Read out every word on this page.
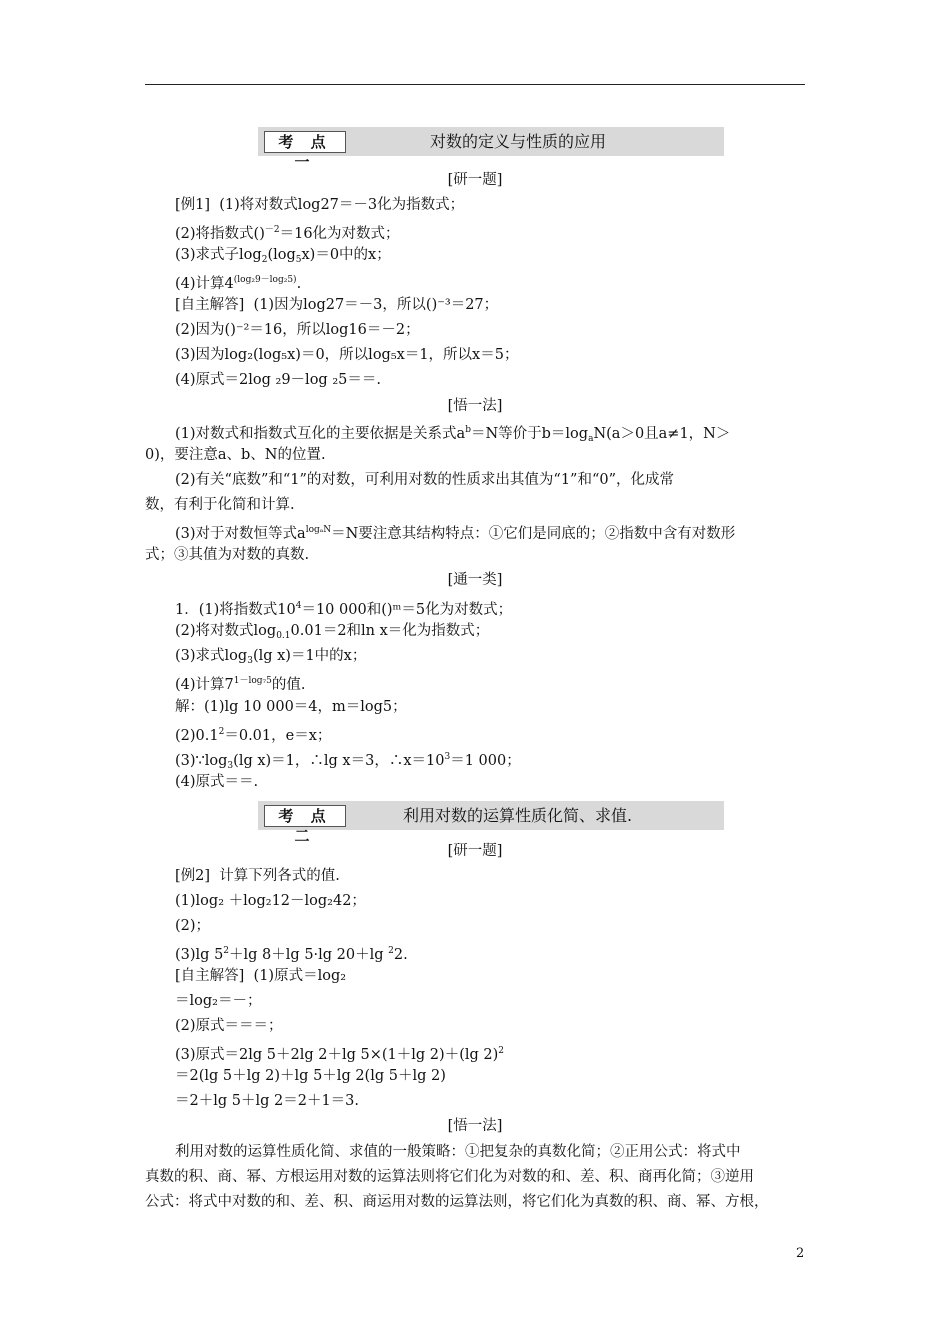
考 点 一
对数的定义与性质的应用
[研一题]
[例1] (1)将对数式log27＝－3化为指数式；
(2)将指数式()$^{-2}$＝16化为对数式；
(3)求式子$\log_2(\log_5x)=0$中的x；
(4)计算$4^{(log_29-log_25)}$.
[自主解答] (1)因为log27＝－3，所以()⁻³＝27；
(2)因为()⁻²＝16，所以log16＝－2；
(3)因为log₂(log₅x)＝0，所以log₅x＝1，所以x＝5；
(4)原式＝2log ₂9－log ₂5＝＝.
[悟一法]
(1)对数式和指数式互化的主要依据是关系式$a^b=N$等价于$b=\log_aN(a>0$且a≠1，N＞
0)，要注意a、b、N的位置.
(2)有关“底数”和“1”的对数，可利用对数的性质求出其值为“1”和“0”，化成常
数，有利于化简和计算.
(3)对于对数恒等式$a^{log_aN}=N$要注意其结构特点：①它们是同底的；②指数中含有对数形
式；③其值为对数的真数.
[通一类]
1．(1)将指数式$10^4=10$ 000和()ᵐ＝5化为对数式；
(2)将对数式$\log_{0.1}0.01=2$和ln x＝化为指数式；
(3)求式$\log_3(\lg$ x)＝1中的x；
(4)计算$7^{1-log_75}$的值.
解：(1)lg 10 000＝4，m＝log5；
$(2)0.1^2=0.01$，e＝x；
$(3)\because\log_3(\lg$ x)＝1，∴lg x＝3，$\therefore x=10^3=1$ 000；
(4)原式＝＝.
考 点 二
利用对数的运算性质化简、求值.
[研一题]
[例2] 计算下列各式的值.
(1)log₂ ＋log₂12－log₂42；
(2)；
(3)lg $5^2+\lg$ 8＋lg 5·lg 20＋lg $^2$2.
[自主解答] (1)原式＝log₂
＝log₂＝－；
(2)原式＝＝＝；
(3)原式＝2lg 5＋2lg 2＋lg 5×(1＋lg 2)＋(lg 2)$^2$
＝2(lg 5＋lg 2)＋lg 5＋lg 2(lg 5＋lg 2)
＝2＋lg 5＋lg 2＝2＋1＝3.
[悟一法]
利用对数的运算性质化简、求值的一般策略：①把复杂的真数化简；②正用公式：将式中
真数的积、商、幂、方根运用对数的运算法则将它们化为对数的和、差、积、商再化简；③逆用
公式：将式中对数的和、差、积、商运用对数的运算法则，将它们化为真数的积、商、幂、方根，
2
